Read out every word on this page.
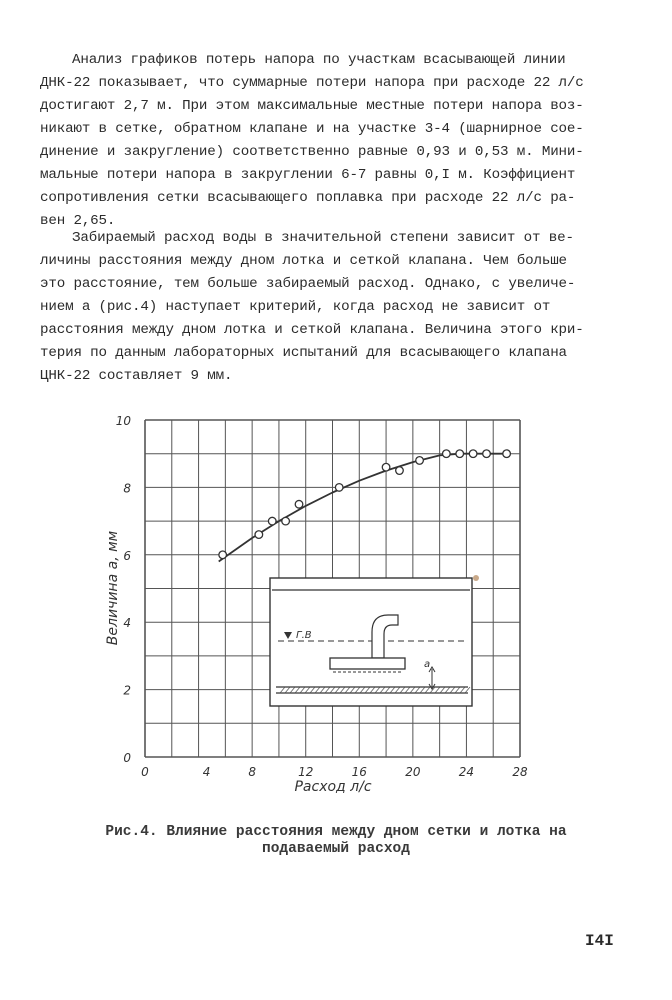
Анализ графиков потерь напора по участкам всасывающей линии
ДНК-22 показывает, что суммарные потери напора при расходе 22 л/с
достигают 2,7 м. При этом максимальные местные потери напора воз-
никают в сетке, обратном клапане и на участке 3-4 (шарнирное сое-
динение и закругление) соответственно равные 0,93 и 0,53 м. Мини-
мальные потери напора в закруглении 6-7 равны 0,I м. Коэффициент
сопротивления сетки всасывающего поплавка при расходе 22 л/с ра-
вен 2,65.
Забираемый расход воды в значительной степени зависит от ве-
личины расстояния между дном лотка и сеткой клапана. Чем больше
это расстояние, тем больше забираемый расход. Однако, с увеличе-
нием a (рис.4) наступает критерий, когда расход не зависит от
расстояния между дном лотка и сеткой клапана. Величина этого кри-
терия по данным лабораторных испытаний для всасывающего клапана
ЦНК-22 составляет 9 мм.
Г.В
а
0	4	8	12	16	20	24	28
0
2
4
6
8
10
Расход л/с
Величина а, мм
Рис.4. Влияние расстояния между дном сетки и лотка на
подаваемый расход
I4I
